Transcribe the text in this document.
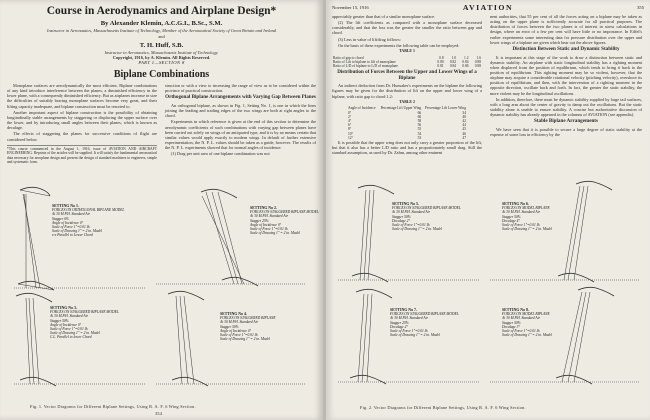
Course in Aerodynamics and Airplane Design*
By Alexander Klemin, A.C.G.I., B.Sc., S.M.
Instructor in Aeronautics, Massachusetts Institute of Technology, Member of the Aeronautical Society of Great Britain and Ireland
and
T. H. Huff, S.B.
Instructor in Aeronautics, Massachusetts Institute of Technology.
Copyright, 1916, by A. Klemin. All Rights Reserved.
PART 1—SECTION 8
Biplane Combinations

Monoplane surfaces are aerodynamically the most efficient. Biplane combinations of any kind introduce interference between the planes, a diminished efficiency in the lower plane, with a consequently diminished efficiency. But as airplanes increase in size the difficulties of suitably bracing monoplane surfaces become very great, and their lifting capacity inadequate, and biplane construction must be resorted to.

Another important aspect of biplane construction is the possibility of obtaining longitudinally stable arrangements by staggering or displacing the upper surface over the lower, and by introducing small angles between their planes, which is known as decalage.

The effects of staggering the planes for successive conditions of flight are considered below.

*This course commenced in the August 1, 1916, issue of AVIATION AND AIRCRAFT ENGINEERING. Reprints of the articles will be supplied. It will satisfy the fundamental aeronautical data necessary for aeroplane design and present the design of standard machines to engineers, simple and systematic form.

struction or with a view to increasing the range of view as to be considered within the province of practical construction.

Orthogonal Biplane Arrangements with Varying Gap Between Planes

An orthogonal biplane, as shown in Fig. 1, Setting No. 1, is one in which the lines joining the leading and trailing edges of the two wings are both at right angles to the chord.

Experiments in which reference is given at the end of this section to determine the aerodynamic coefficients of such combinations with varying gap between planes have been carried out solely on wings of an antiquated type, and it is by no means certain that similar values would apply exactly to modern wings. In default of further extensive experimentation, the N. P. L. values should be taken as a guide, however. The results of the N. P. L. experiments showed that for normal angles of incidence:

(1) Drag per unit area of one biplane combination was not

SETTING No 1.
FORCES ON ORTHOGONAL BIPLANE MODEL
At 30 M.P.H. Standard Air
Stagger 0%
Angle of Incidence 0°
Scale of Force 1"=0.01 lb.
Scale of Drawing 1" = 2 in. Model
x-x Parallel to Lower Chord
SETTING No 2.
FORCES ON STAGGERED BIPLANE MODEL
At 30 M.P.H. Standard Air
Stagger 25%
Angle of Incidence 0°
Scale of Force 1"=0.01 lb.
Scale of Drawing 1" = 2 in. Model
SETTING No 3.
FORCES ON STAGGERED BIPLANE MODEL
At 30 M.P.H. Standard Air
Stagger 50%
Angle of Incidence 0°
Scale of Force 1"=0.01 lb.
Scale of Drawing 1" = 2 in. Model
C.L. Parallel to lower Chord
SETTING No 4.
FORCES ON STAGGERED BIPLANE
At 30 M.P.H. Standard Air
Stagger 50%
Angle of Incidence 0°
Scale of Force 1"=0.01 lb.
Scale of Drawing 1" = 2 in. Model
Fig. 1. Vector Diagrams for Different Biplane Settings, Using R. A. F. 6 Wing Section.
354
November 15, 1916	AVIATION	355

appreciably greater than that of a similar monoplane surface.

(2) The lift coefficients as compared with a monoplane surface decreased considerably, and that the loss was the greater the smaller the ratio between gap and chord.

(3) Less in value of lift/drag follows:

On the basis of these experiments the following table can be employed:

TABLE 1
Ratio of gap to chord	0.8	1.0	1.2	1.6
Ratio of Lift to biplane to lift of monoplane	0.80	0.82	0.84	0.88
Ratio of L/D of biplane to L/D of monoplane	0.81	0.84	0.86	0.88
Distribution of Forces Between the Upper and Lower Wings of a Biplane

An indirect deduction from Dr. Hunsaker's experiments on the biplane the following figures may be given for the distribution of lift on the upper and lower wing of a biplane, with ratio gap to chord 1.2:

TABLE 2
Angle of Incidence	Percentage Lift Upper Wing	Percentage Lift Lower Wing
0°	66	34
2°	60	40
4°	58	42
6°	56	44
8°	55	45
10°	54	46
12°	53	47

It is possible that the upper wing does not only carry a greater proportion of the lift, but that it also has a better L/D ratio and has a proportionately small drag. Still the standard assumption, as used by Dr. Zahm, among other eminent

nent authorities, that 55 per cent of all the forces acting on a biplane may be taken as acting on the upper plane is sufficiently accurate for all practical purposes. The distribution of forces between the two planes is of interest in stress calculations in design, where an error of a few per cent will have little or no importance. In Eiffel's earlier experiments some interesting data for pressure distribution over the upper and lower wings of a biplane are given which bear out the above figures.

Distinction Between Static and Dynamic Stability

It is important at this stage of the work to draw a distinction between static and dynamic stability. An airplane with static longitudinal stability has a righting moment when displaced from the position of equilibrium, which tends to bring it back to the position of equilibrium. This righting moment may be so violent, however, that the airplane may acquire a considerable rotational velocity (pitching velocity), overshoot its position of equilibrium, and then, with the intervention of a righting moment in the opposite direction, oscillate back and forth. In fact, the greater the static stability, the more violent may be the longitudinal oscillations.

In addition, therefore, there must be dynamic stability supplied by large tail surfaces, with a long arm about the center of gravity to damp out the oscillations. But the static stability alone is unable to ensure stability. A concise but authoritative discussion of dynamic stability has already appeared in the columns of AVIATION (see appendix).

Stable Biplane Arrangements

We have seen that it is possible to secure a large degree of static stability at the expense of some loss in efficiency by the

SETTING No 5.
FORCES ON STAGGERED BIPLANE MODEL
At 30 M.P.H. Standard Air
Stagger 50%
Decalage 2°
Scale of Force 1"=0.01 lb.
Scale of Drawing 1" = 2 in. Model
SETTING No 6.
FORCES ON MODEL BIPLANE
At 30 M.P.H. Standard Air
Stagger 50%
Decalage 4°
Scale of Force 1"=0.01 lb.
Scale of Drawing 1" = 2 in. Model
SETTING No 7.
FORCES ON STAGGERED BIPLANE MODEL
At 30 M.P.H. Standard Air
Stagger 25%
Decalage 2°
Scale of Force 1"=0.01 lb.
Scale of Drawing 1" = 2 in. Model
SETTING No 8.
FORCES ON MODEL BIPLANE
At 30 M.P.H. Standard Air
Stagger 50%
Decalage 3°
Scale of Force 1"=0.01 lb.
Scale of Drawing 1" = 2 in. Model
Fig. 2. Vector Diagrams for Different Biplane Settings, Using R. A. F. 6 Wing Section.
